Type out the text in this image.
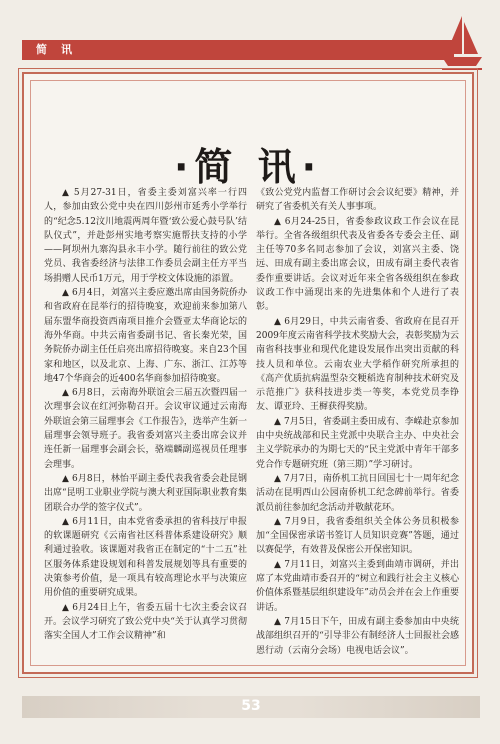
简讯
·简 讯·

▲ 5月27-31日，省委主委刘富兴率一行四人，参加由致公党中央在四川彭州市延秀小学举行的“纪念5.12汶川地震两周年暨‘致公爱心鼓号队’结队仪式”，并赴彭州实地考察实施帮扶支持的小学——阿坝州九寨沟县永丰小学。随行前往的致公党党员、我省委经济与法律工作委员会副主任方平当场捐赠人民币1万元，用于学校文体设施的添置。

▲ 6月4日，刘富兴主委应邀出席由国务院侨办和省政府在昆举行的招待晚宴，欢迎前来参加第八届东盟华商投资西南项目推介会暨亚太华商论坛的海外华商。中共云南省委副书记、省长秦光荣，国务院侨办副主任任启亮出席招待晚宴。来自23个国家和地区，以及北京、上海、广东、浙江、江苏等地47个华商会的近400名华商参加招待晚宴。

▲ 6月8日，云南海外联谊会三届五次暨四届一次理事会议在红河弥勒召开。会议审议通过云南海外联谊会第三届理事会《工作报告》，选举产生新一届理事会领导班子。我省委刘富兴主委出席会议并连任新一届理事会副会长，骆端麟副巡视员任理事会理事。

▲ 6月8日，林怡平副主委代表我省委会赴昆钢出席“昆明工业职业学院与澳大利亚国际职业教育集团联合办学的签字仪式”。

▲ 6月11日，由本党省委承担的省科技厅申报的软课题研究《云南省社区科普体系建设研究》顺利通过验收。该课题对我省正在制定的“十二五”社区服务体系建设规划和科普发展规划等具有重要的决策参考价值，是一项具有较高理论水平与决策应用价值的重要研究成果。

▲ 6月24日上午，省委五届十七次主委会议召开。会议学习研究了致公党中央“关于认真学习贯彻落实全国人才工作会议精神”和

《致公党党内监督工作研讨会会议纪要》精神，并研究了省委机关有关人事事项。

▲ 6月24-25日，省委参政议政工作会议在昆举行。全省各级组织代表及省委各专委会主任、副主任等70多名同志参加了会议，刘富兴主委、饶远、田成有副主委出席会议，田成有副主委代表省委作重要讲话。会议对近年来全省各级组织在参政议政工作中涌现出来的先进集体和个人进行了表彰。

▲ 6月29日，中共云南省委、省政府在昆召开2009年度云南省科学技术奖励大会，表彰奖励为云南省科技事业和现代化建设发展作出突出贡献的科技人员和单位。云南农业大学稻作研究所承担的《高产优质抗病温型杂交粳稻选育制种技术研究及示范推广》获科技进步类一等奖，本党党员李铮友、谭亚玲、王樨获得奖励。

▲ 7月5日，省委副主委田成有、李嵘赴京参加由中央统战部和民主党派中央联合主办、中央社会主义学院承办的为期七天的“民主党派中青年干部多党合作专题研究班（第三期）”学习研讨。

▲ 7月7日，南侨机工抗日回国七十一周年纪念活动在昆明西山公园南侨机工纪念碑前举行。省委派员前往参加纪念活动并敬献花环。

▲ 7月9日，我省委组织关全体公务员积极参加“全国保密承诺书签订人员知识竞赛”答题，通过以赛促学，有效普及保密公开保密知识。

▲ 7月11日，刘富兴主委到曲靖市调研，并出席了本党曲靖市委召开的“树立和践行社会主义核心价值体系暨基层组织建设年”动员会并在会上作重要讲话。

▲ 7月15日下午，田成有副主委参加由中央统战部组织召开的“引导非公有制经济人士回报社会感恩行动（云南分会场）电视电话会议”。

53
